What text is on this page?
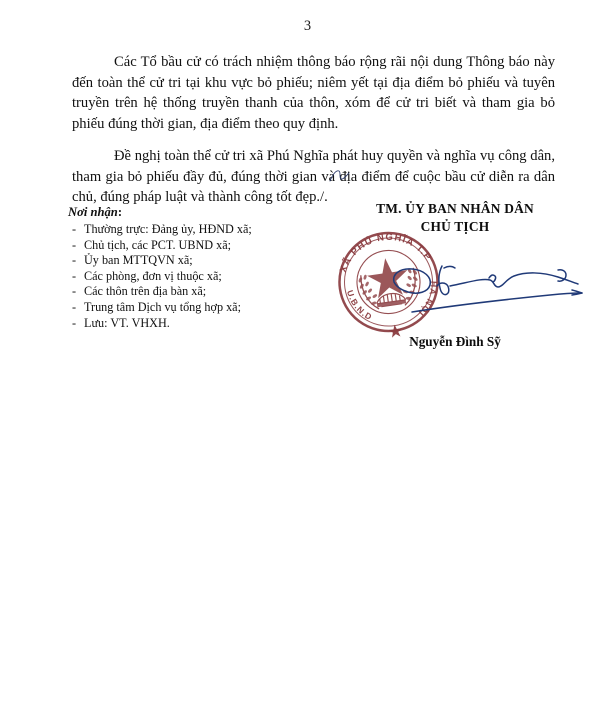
3

Các Tổ bầu cử có trách nhiệm thông báo rộng rãi nội dung Thông báo này đến toàn thể cử tri tại khu vực bỏ phiếu; niêm yết tại địa điểm bỏ phiếu và tuyên truyền trên hệ thống truyền thanh của thôn, xóm để cử tri biết và tham gia bỏ phiếu đúng thời gian, địa điểm theo quy định.

Đề nghị toàn thể cử tri xã Phú Nghĩa phát huy quyền và nghĩa vụ công dân, tham gia bỏ phiếu đầy đủ, đúng thời gian và địa điểm để cuộc bầu cử diễn ra dân chủ, đúng pháp luật và thành công tốt đẹp./.

Nơi nhận:
- Thường trực: Đảng ủy, HĐND xã;
- Chủ tịch, các PCT. UBND xã;
- Ủy ban MTTQVN xã;
- Các phòng, đơn vị thuộc xã;
- Các thôn trên địa bàn xã;
- Trung tâm Dịch vụ tổng hợp xã;
- Lưu: VT. VHXH.
TM. ỦY BAN NHÂN DÂN
CHỦ TỊCH
XÃ PHÚ NGHĨA T.P
U.B.N.D
HÀ NỘI
Nguyễn Đình Sỹ
